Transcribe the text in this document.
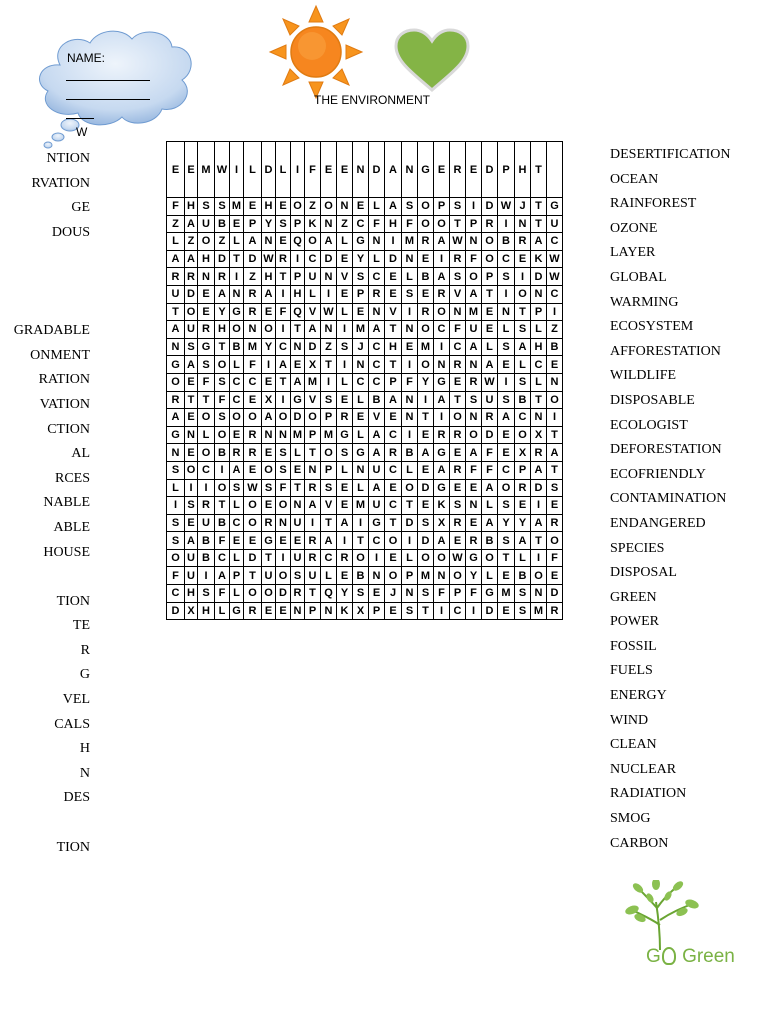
NAME:
W
THE ENVIRONMENT
E	E	M	W	I	L	D	L	I	F	E	E	N	D	A	N	G	E	R	E	D	P	H	T	
F	H	S	S	M	E	H	E	O	Z	O	N	E	L	A	S	O	P	S	I	D	W	J	T	G
Z	A	U	B	E	P	Y	S	P	K	N	Z	C	F	H	F	O	O	T	P	R	I	N	T	U
L	Z	O	Z	L	A	N	E	Q	O	A	L	G	N	I	M	R	A	W	N	O	B	R	A	C
A	A	H	D	T	D	W	R	I	C	D	E	Y	L	D	N	E	I	R	F	O	C	E	K	W
R	R	N	R	I	Z	H	T	P	U	N	V	S	C	E	L	B	A	S	O	P	S	I	D	W
U	D	E	A	N	R	A	I	H	L	I	E	P	R	E	S	E	R	V	A	T	I	O	N	C
T	O	E	Y	G	R	E	F	Q	V	W	L	E	N	V	I	R	O	N	M	E	N	T	P	I
A	U	R	H	O	N	O	I	T	A	N	I	M	A	T	N	O	C	F	U	E	L	S	L	Z
N	S	G	T	B	M	Y	C	N	D	Z	S	J	C	H	E	M	I	C	A	L	S	A	H	B
G	A	S	O	L	F	I	A	E	X	T	I	N	C	T	I	O	N	R	N	A	E	L	C	E
O	E	F	S	C	C	E	T	A	M	I	L	C	C	P	F	Y	G	E	R	W	I	S	L	N
R	T	T	F	C	E	X	I	G	V	S	E	L	B	A	N	I	A	T	S	U	S	B	T	O
A	E	O	S	O	O	A	O	D	O	P	R	E	V	E	N	T	I	O	N	R	A	C	N	I
G	N	L	O	E	R	N	N	M	P	M	G	L	A	C	I	E	R	R	O	D	E	O	X	T
N	E	O	B	R	R	E	S	L	T	O	S	G	A	R	B	A	G	E	A	F	E	X	R	A
S	O	C	I	A	E	O	S	E	N	P	L	N	U	C	L	E	A	R	F	F	C	P	A	T
L	I	I	O	S	W	S	F	T	R	S	E	L	A	E	O	D	G	E	E	A	O	R	D	S
I	S	R	T	L	O	E	O	N	A	V	E	M	U	C	T	E	K	S	N	L	S	E	I	E
S	E	U	B	C	O	R	N	U	I	T	A	I	G	T	D	S	X	R	E	A	Y	Y	A	R
S	A	B	F	E	E	G	E	E	R	A	I	T	C	O	I	D	A	E	R	B	S	A	T	O
O	U	B	C	L	D	T	I	U	R	C	R	O	I	E	L	O	O	W	G	O	T	L	I	F
F	U	I	A	P	T	U	O	S	U	L	E	B	N	O	P	M	N	O	Y	L	E	B	O	E
C	H	S	F	L	O	O	D	R	T	Q	Y	S	E	J	N	S	F	P	F	G	M	S	N	D
D	X	H	L	G	R	E	E	N	P	N	K	X	P	E	S	T	I	C	I	D	E	S	M	R
DESERTIFICATION
OCEAN
RAINFOREST
OZONE
LAYER
GLOBAL
WARMING
ECOSYSTEM
AFFORESTATION
WILDLIFE
DISPOSABLE
ECOLOGIST
DEFORESTATION
ECOFRIENDLY
CONTAMINATION
ENDANGERED
SPECIES
DISPOSAL
GREEN
POWER
FOSSIL
FUELS
ENERGY
WIND
CLEAN
NUCLEAR
RADIATION
SMOG
CARBON
NTION
RVATION
GE
DOUS
GRADABLE
ONMENT
RATION
VATION
CTION
AL
RCES
NABLE
ABLE
HOUSE
TION
TE
R
G
VEL
CALS
H
N
DES
TION
G Green
